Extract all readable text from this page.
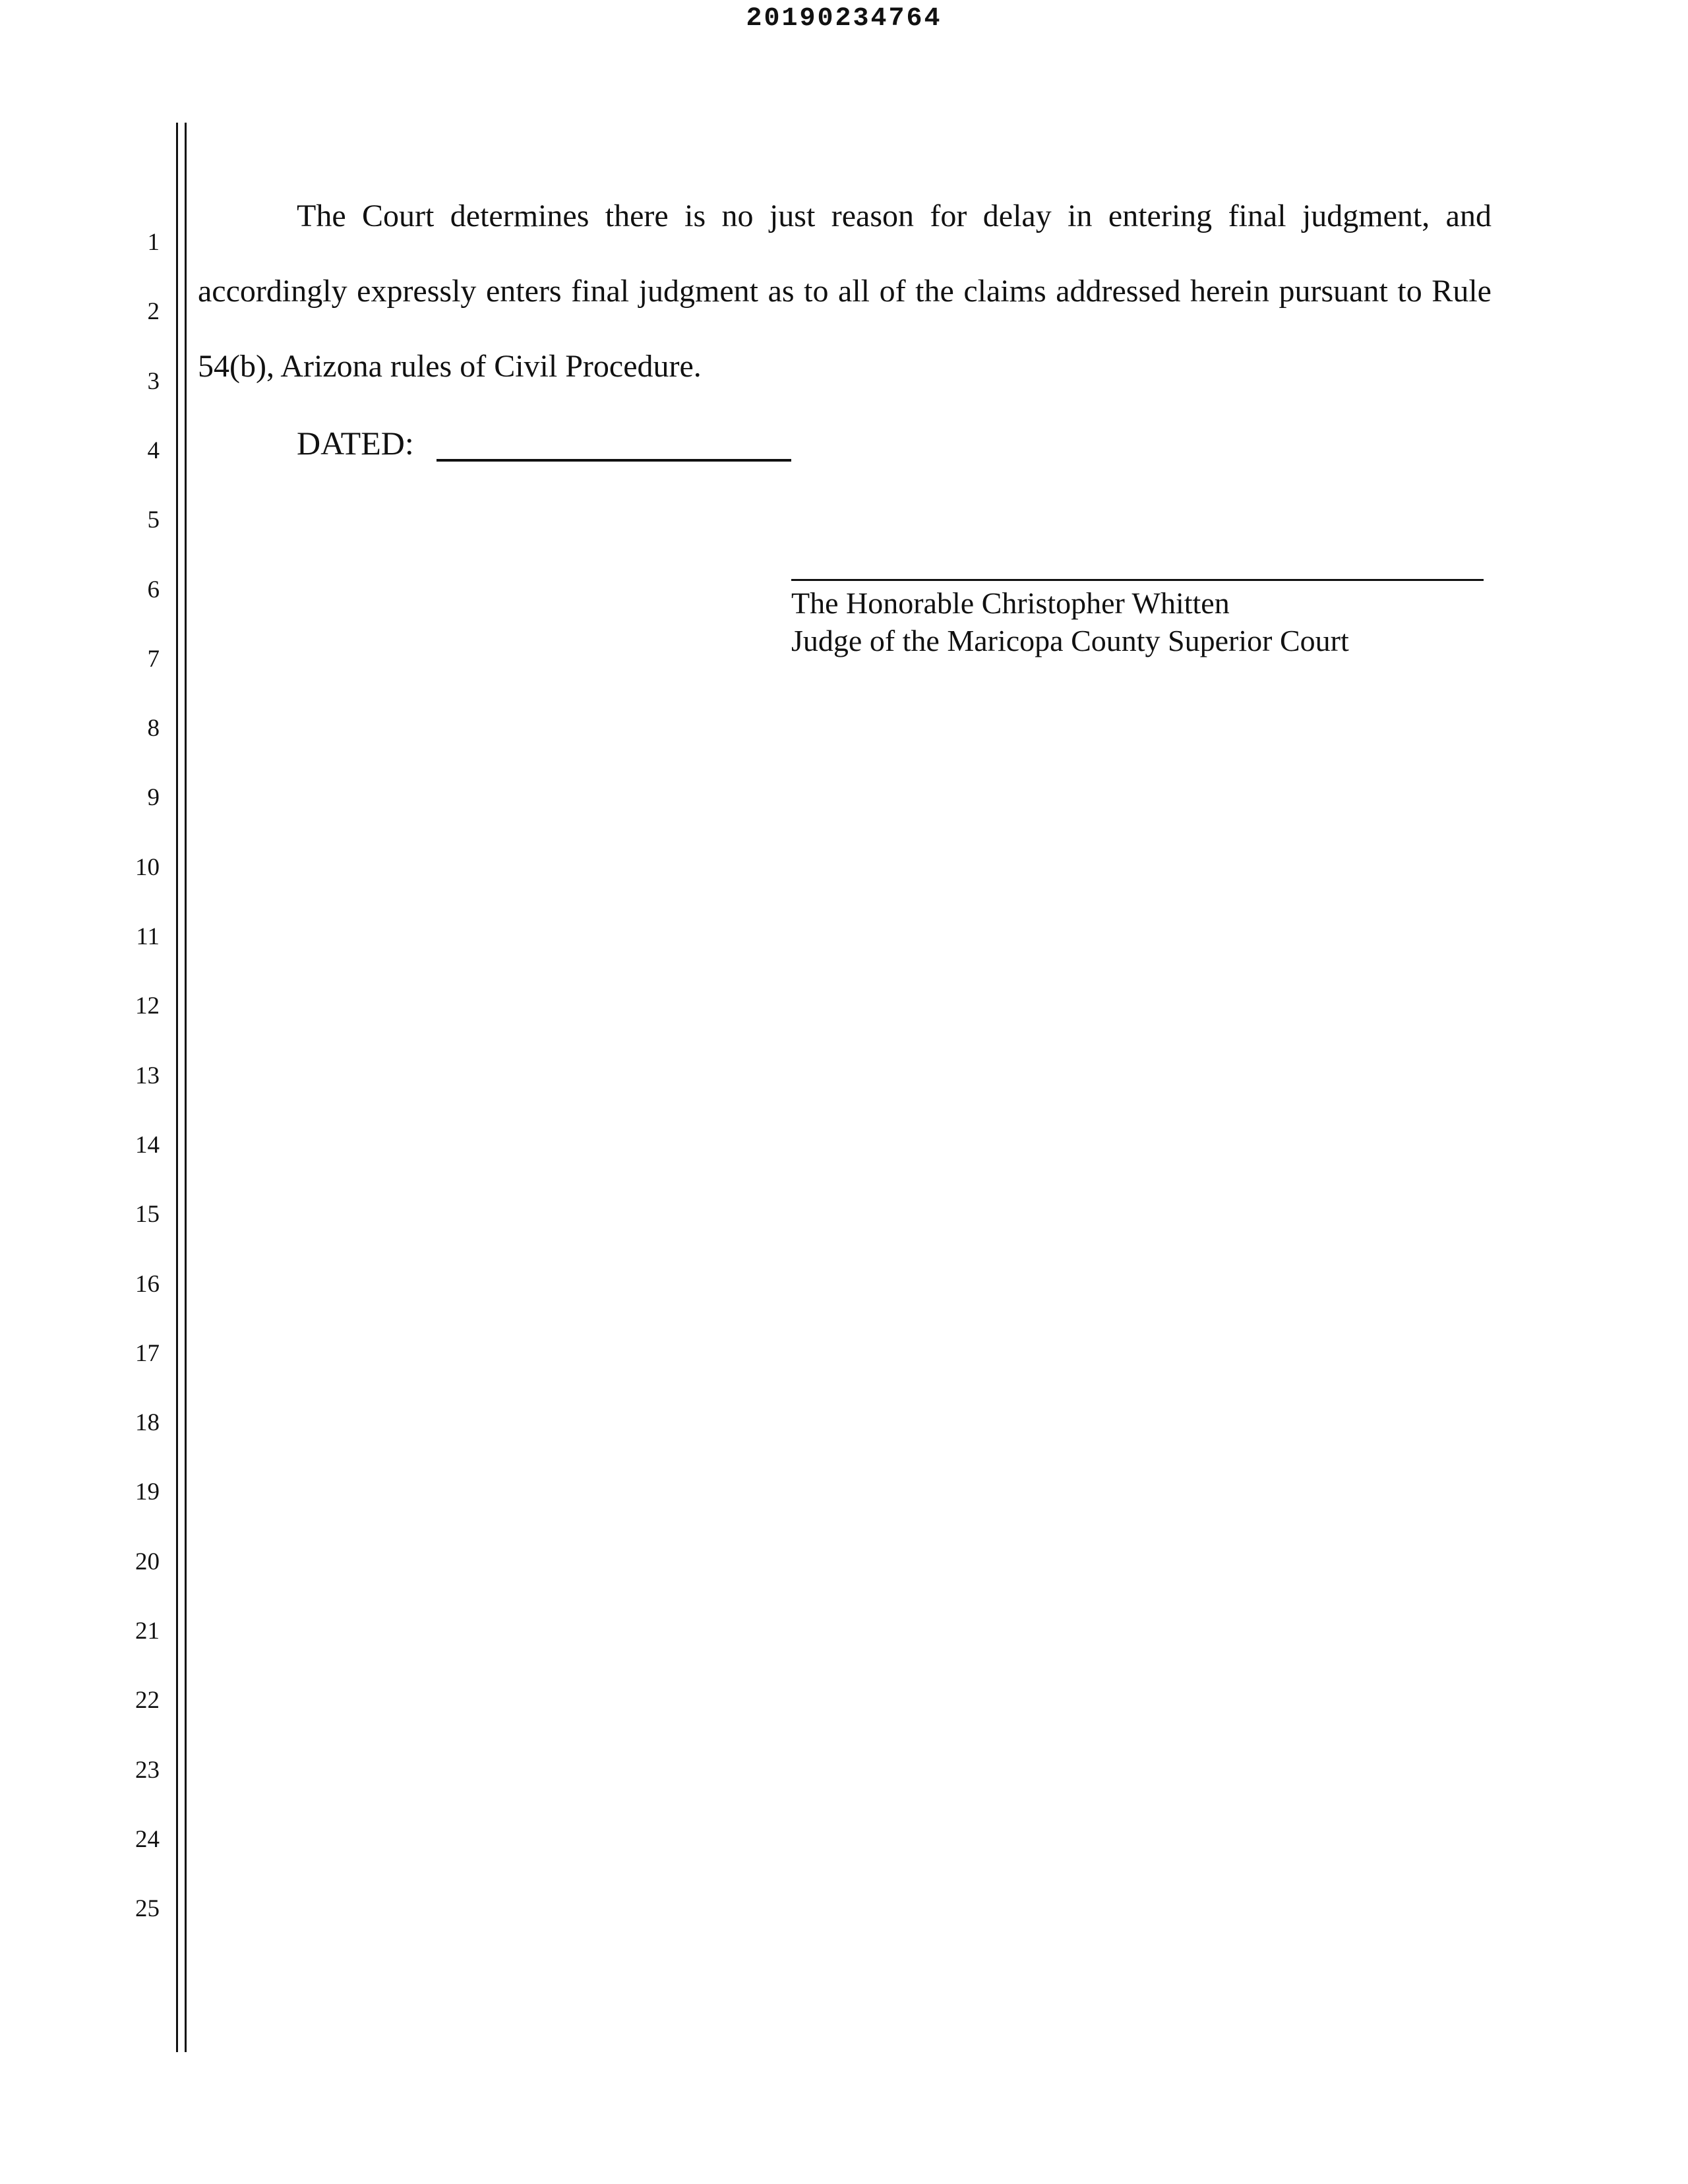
20190234764
1
2
3
4
5
6
7
8
9
10
11
12
13
14
15
16
17
18
19
20
21
22
23
24
25
The Court determines there is no just reason for delay in entering final judgment, and
accordingly expressly enters final judgment as to all of the claims addressed herein pursuant to Rule
54(b), Arizona rules of Civil Procedure.
DATED:
The Honorable Christopher Whitten
Judge of the Maricopa County Superior Court
